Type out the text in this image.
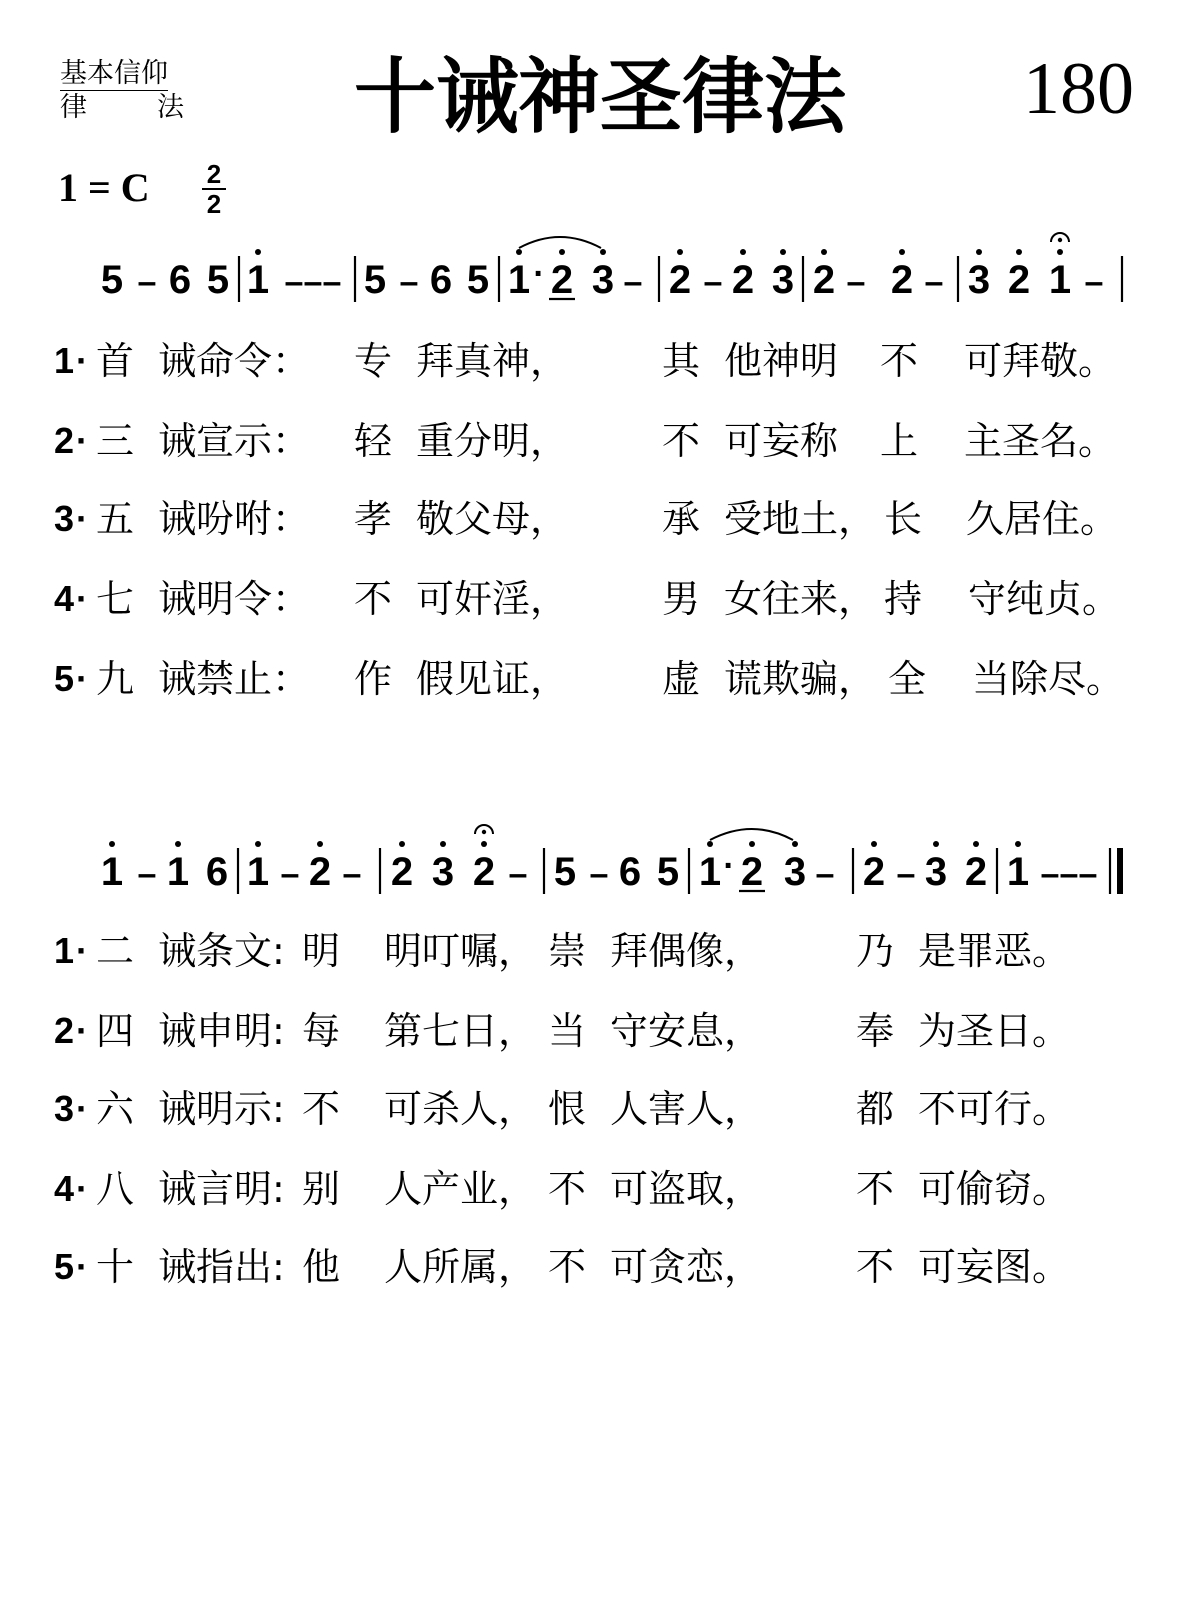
基本信仰
律	法	十诫神圣律法	180
1 = C $\frac{2}{2}$
5 – 6 5 1 – – – 5 – 6 5 1 · 2 3 – 2 – 2 3 2 – 2 – 3 2 1 –
1 · 首 诫命令： 专 拜真神， 其 他神明 不 可拜敬。
2 · 三 诫宣示： 轻 重分明， 不 可妄称 上 主圣名。
3 · 五 诫吩咐： 孝 敬父母， 承 受地土， 长 久居住。
4 · 七 诫明令： 不 可奸淫， 男 女往来， 持 守纯贞。
5 · 九 诫禁止： 作 假见证， 虚 谎欺骗， 全 当除尽。
1 – 1 6 1 – 2 – 2 3 2 – 5 – 6 5 1 · 2 3 – 2 – 3 2 1 – – –
1 · 二 诫条文: 明 明叮嘱， 崇 拜偶像， 乃 是罪恶。
2 · 四 诫申明: 每 第七日， 当 守安息， 奉 为圣日。
3 · 六 诫明示: 不 可杀人， 恨 人害人， 都 不可行。
4 · 八 诫言明: 别 人产业， 不 可盗取， 不 可偷窃。
5 · 十 诫指出: 他 人所属， 不 可贪恋， 不 可妄图。
